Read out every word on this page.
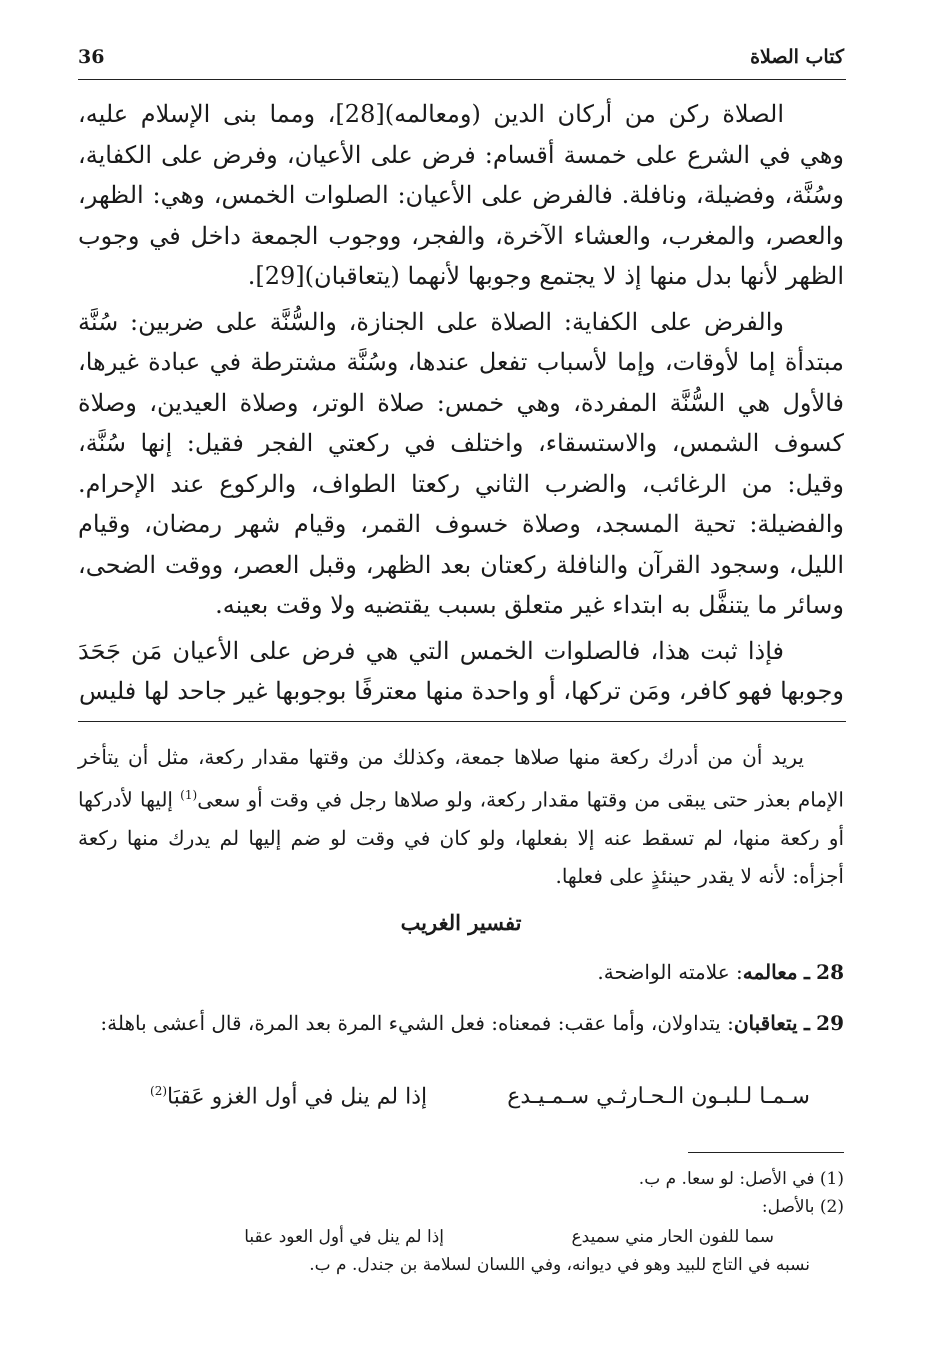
36	كتاب الصلاة

الصلاة ركن من أركان الدين (ومعالمه)[28]، ومما بنى الإسلام عليه، وهي في الشرع على خمسة أقسام: فرض على الأعيان، وفرض على الكفاية، وسُنَّة، وفضيلة، ونافلة. فالفرض على الأعيان: الصلوات الخمس، وهي: الظهر، والعصر، والمغرب، والعشاء الآخرة، والفجر، ووجوب الجمعة داخل في وجوب الظهر لأنها بدل منها إذ لا يجتمع وجوبها لأنهما (يتعاقبان)[29].

والفرض على الكفاية: الصلاة على الجنازة، والسُّنَّة على ضربين: سُنَّة مبتدأة إما لأوقات، وإما لأسباب تفعل عندها، وسُنَّة مشترطة في عبادة غيرها، فالأول هي السُّنَّة المفردة، وهي خمس: صلاة الوتر، وصلاة العيدين، وصلاة كسوف الشمس، والاستسقاء، واختلف في ركعتي الفجر فقيل: إنها سُنَّة، وقيل: من الرغائب، والضرب الثاني ركعتا الطواف، والركوع عند الإحرام. والفضيلة: تحية المسجد، وصلاة خسوف القمر، وقيام شهر رمضان، وقيام الليل، وسجود القرآن والنافلة ركعتان بعد الظهر، وقبل العصر، ووقت الضحى، وسائر ما يتنفَّل به ابتداء غير متعلق بسبب يقتضيه ولا وقت بعينه.

فإذا ثبت هذا، فالصلوات الخمس التي هي فرض على الأعيان مَن جَحَدَ وجوبها فهو كافر، ومَن تركها، أو واحدة منها معترفًا بوجوبها غير جاحد لها فليس

يريد أن من أدرك ركعة منها صلاها جمعة، وكذلك من وقتها مقدار ركعة، مثل أن يتأخر الإمام بعذر حتى يبقى من وقتها مقدار ركعة، ولو صلاها رجل في وقت أو سعى$^{(1)}$ إليها لأدركها أو ركعة منها، لم تسقط عنه إلا بفعلها، ولو كان في وقت لو ضم إليها لم يدرك منها ركعة أجزأه: لأنه لا يقدر حينئذٍ على فعلها.

تفسير الغريب
28 ـ معالمه: علامته الواضحة.
29 ـ يتعاقبان: يتداولان، وأما عقب: فمعناه: فعل الشيء المرة بعد المرة، قال أعشى باهلة:
سـمـا لـلبـون الـحـارثـي سـمـيـدع
إذا لم ينل في أول الغزو عَقبَا$^{(2)}$

(1) في الأصل: لو سعا. م ب.

(2) بالأصل:

سما للفون الحار مني سميدع
إذا لم ينل في أول العود عقبا

نسبه في التاج للبيد وهو في ديوانه، وفي اللسان لسلامة بن جندل. م ب.
